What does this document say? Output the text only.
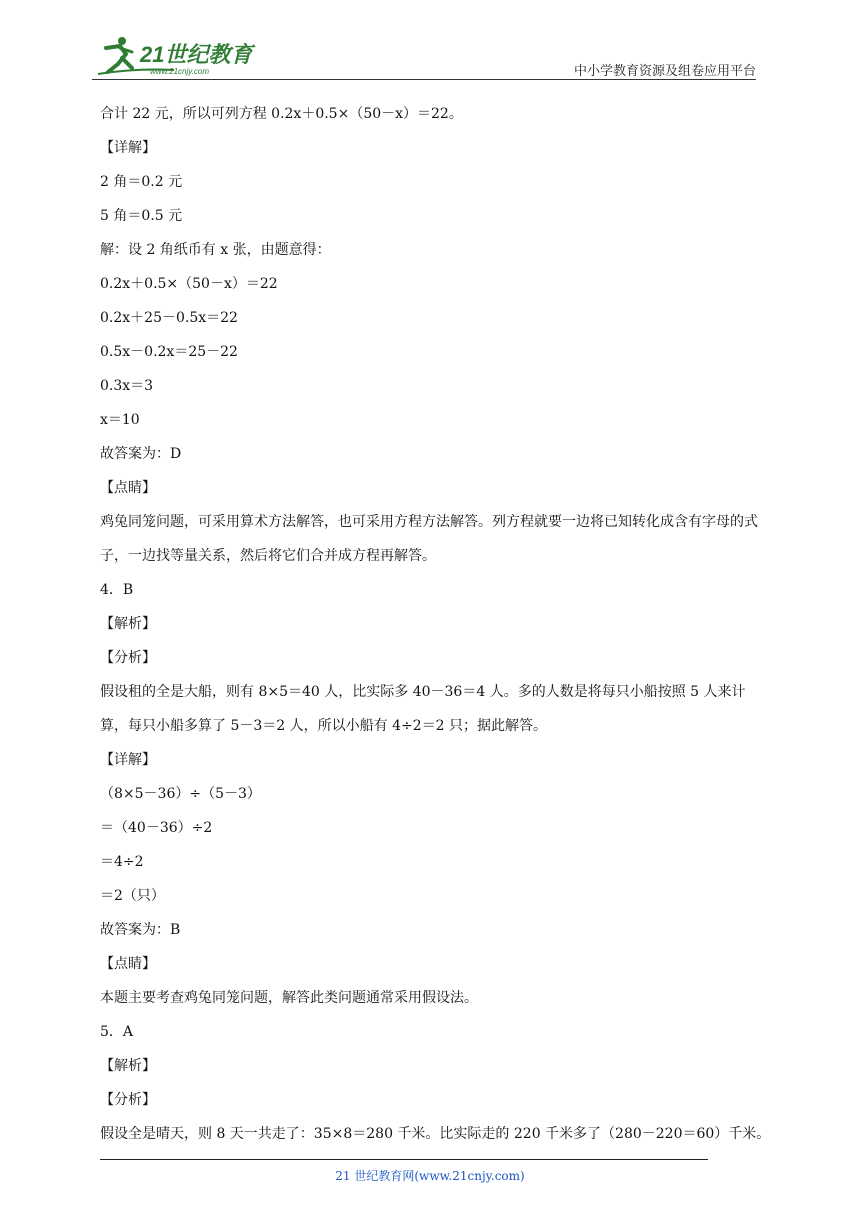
21世纪教育
www.21cnjy.com	中小学教育资源及组卷应用平台
合计 22 元，所以可列方程 0.2x＋0.5×（50－x）＝22。
【详解】
2 角＝0.2 元
5 角＝0.5 元
解：设 2 角纸币有 x 张，由题意得：
0.2x＋0.5×（50－x）＝22
0.2x＋25－0.5x＝22
0.5x－0.2x＝25－22
0.3x＝3
x＝10
故答案为：D
【点睛】
鸡兔同笼问题，可采用算术方法解答，也可采用方程方法解答。列方程就要一边将已知转化成含有字母的式子，一边找等量关系，然后将它们合并成方程再解答。
4．B
【解析】
【分析】
假设租的全是大船，则有 8×5＝40 人，比实际多 40－36＝4 人。多的人数是将每只小船按照 5 人来计算，每只小船多算了 5－3＝2 人，所以小船有 4÷2＝2 只；据此解答。
【详解】
（8×5－36）÷（5－3）
＝（40－36）÷2
＝4÷2
＝2（只）
故答案为：B
【点睛】
本题主要考查鸡兔同笼问题，解答此类问题通常采用假设法。
5．A
【解析】
【分析】
假设全是晴天，则 8 天一共走了：35×8＝280 千米。比实际走的 220 千米多了（280－220＝60）千米。
21 世纪教育网(www.21cnjy.com)
